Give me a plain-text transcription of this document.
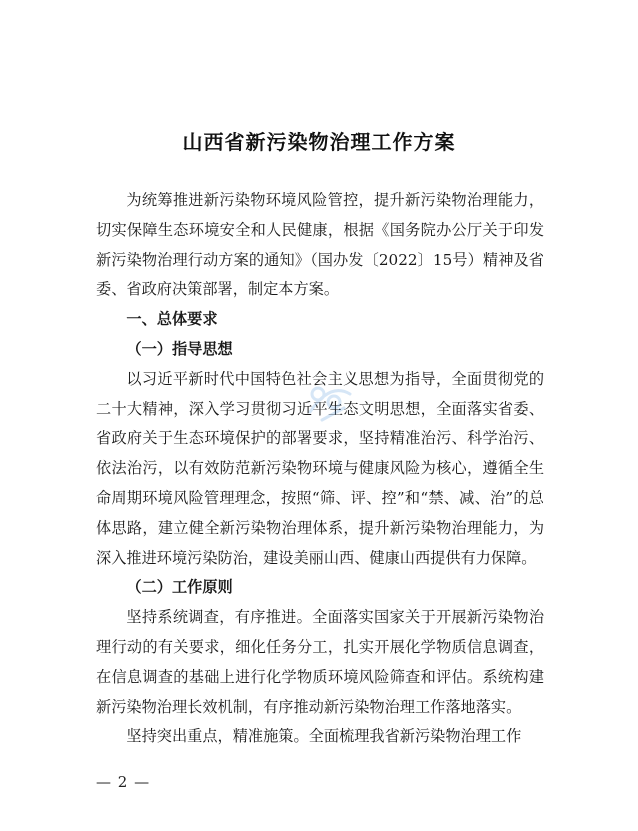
山西省新污染物治理工作方案

为统筹推进新污染物环境风险管控，提升新污染物治理能力，切实保障生态环境安全和人民健康，根据《国务院办公厅关于印发新污染物治理行动方案的通知》（国办发〔2022〕15号）精神及省委、省政府决策部署，制定本方案。

一、总体要求

（一）指导思想

以习近平新时代中国特色社会主义思想为指导，全面贯彻党的二十大精神，深入学习贯彻习近平生态文明思想，全面落实省委、省政府关于生态环境保护的部署要求，坚持精准治污、科学治污、依法治污，以有效防范新污染物环境与健康风险为核心，遵循全生命周期环境风险管理理念，按照“筛、评、控”和“禁、减、治”的总体思路，建立健全新污染物治理体系，提升新污染物治理能力，为深入推进环境污染防治，建设美丽山西、健康山西提供有力保障。

（二）工作原则

坚持系统调查，有序推进。全面落实国家关于开展新污染物治理行动的有关要求，细化任务分工，扎实开展化学物质信息调查，在信息调查的基础上进行化学物质环境风险筛查和评估。系统构建新污染物治理长效机制，有序推动新污染物治理工作落地落实。

坚持突出重点，精准施策。全面梳理我省新污染物治理工作

— 2 —
